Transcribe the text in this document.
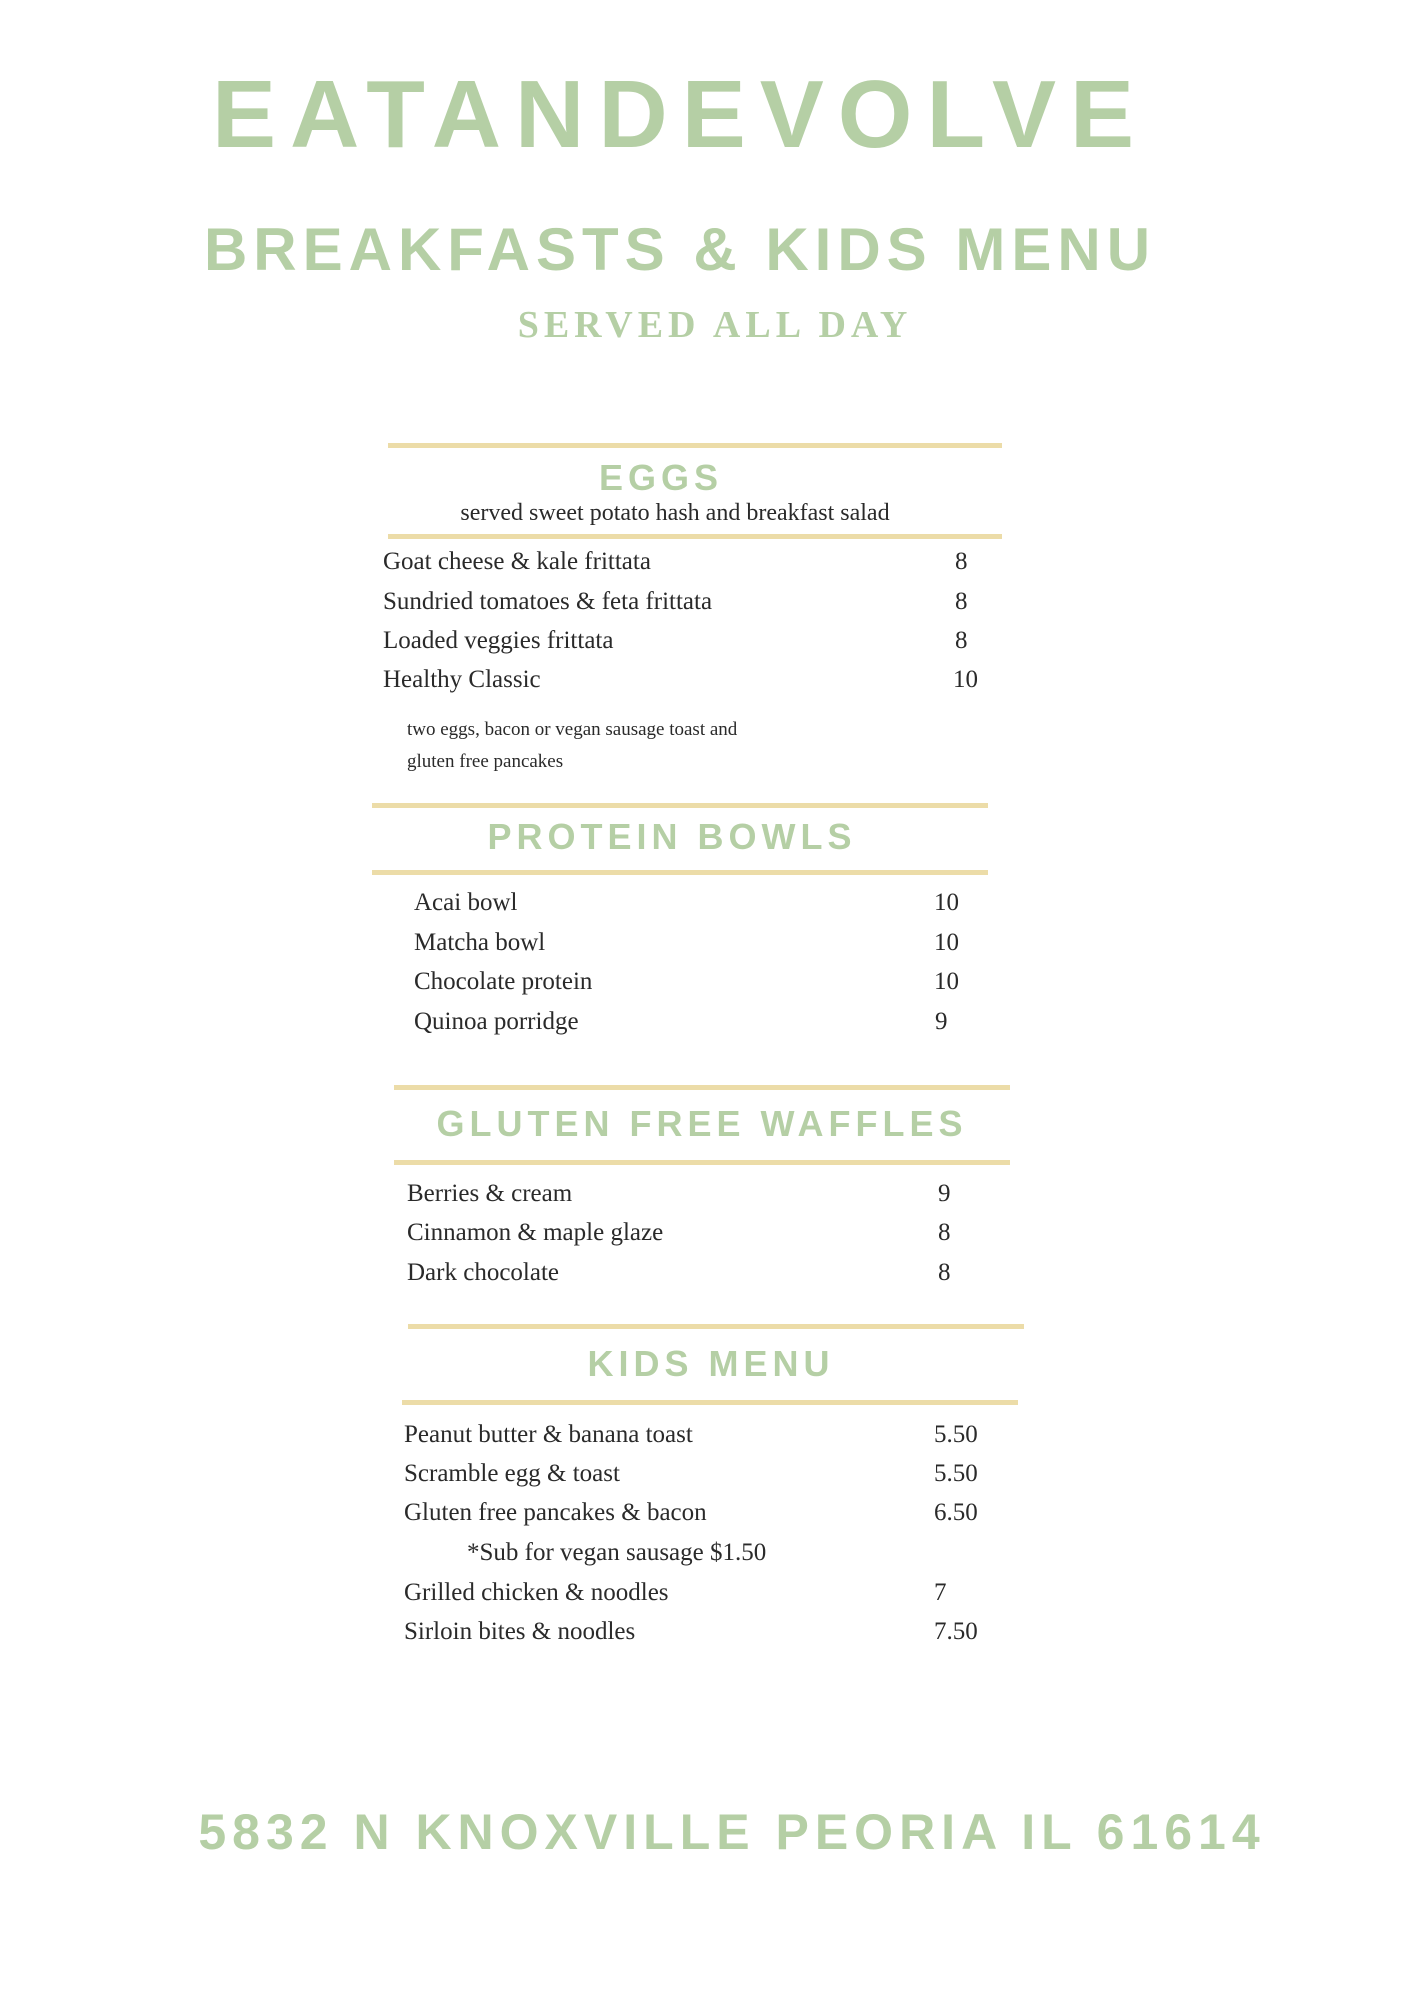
EATANDEVOLVE
BREAKFASTS & KIDS MENU
SERVED ALL DAY
EGGS
served sweet potato hash and breakfast salad
Goat cheese & kale frittata	8
Sundried tomatoes & feta frittata	8
Loaded veggies frittata	8
Healthy Classic	10
two eggs, bacon or vegan sausage toast and
gluten free pancakes
PROTEIN BOWLS
Acai bowl	10
Matcha bowl	10
Chocolate protein	10
Quinoa porridge	9
GLUTEN FREE WAFFLES
Berries & cream	9
Cinnamon & maple glaze	8
Dark chocolate	8
KIDS MENU
Peanut butter & banana toast	5.50
Scramble egg & toast	5.50
Gluten free pancakes & bacon	6.50
*Sub for vegan sausage $1.50
Grilled chicken & noodles	7
Sirloin bites & noodles	7.50
5832 N KNOXVILLE PEORIA IL 61614
